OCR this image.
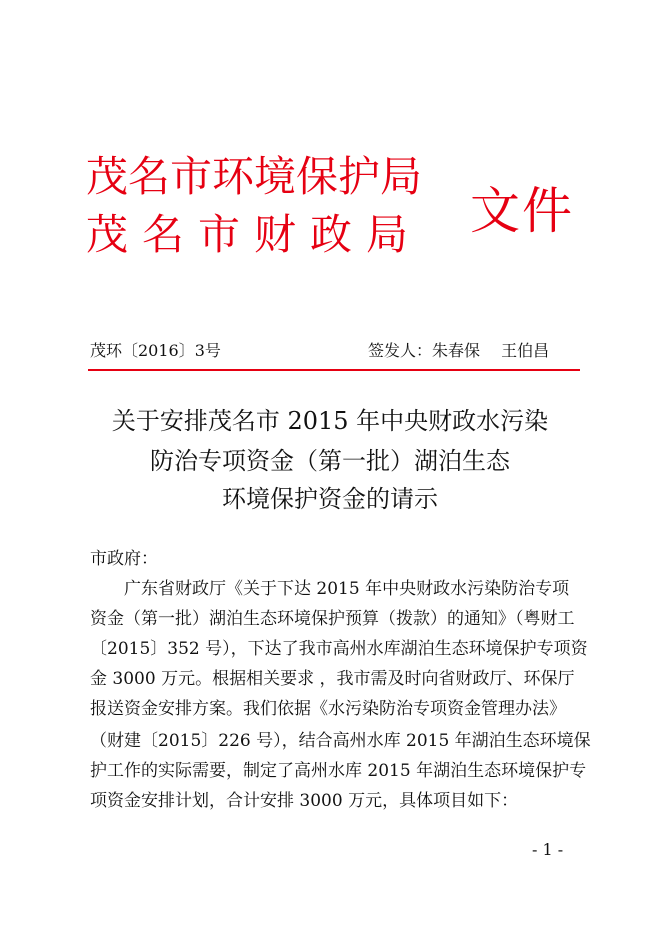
茂名市环境保护局
茂名市财政局 文件
茂环〔2016〕3号	签发人：朱春保　 王伯昌
关于安排茂名市 2015 年中央财政水污染
防治专项资金（第一批）湖泊生态
环境保护资金的请示
市政府：
广东省财政厅《关于下达 2015 年中央财政水污染防治专项
资金（第一批）湖泊生态环境保护预算（拨款）的通知》（粤财工
〔2015〕352 号），下达了我市高州水库湖泊生态环境保护专项资
金 3000 万元。根据相关要求 ，我市需及时向省财政厅、环保厅
报送资金安排方案。我们依据《水污染防治专项资金管理办法》
（财建〔2015〕226 号），结合高州水库 2015 年湖泊生态环境保
护工作的实际需要，制定了高州水库 2015 年湖泊生态环境保护专
项资金安排计划，合计安排 3000 万元，具体项目如下：
- 1 -
